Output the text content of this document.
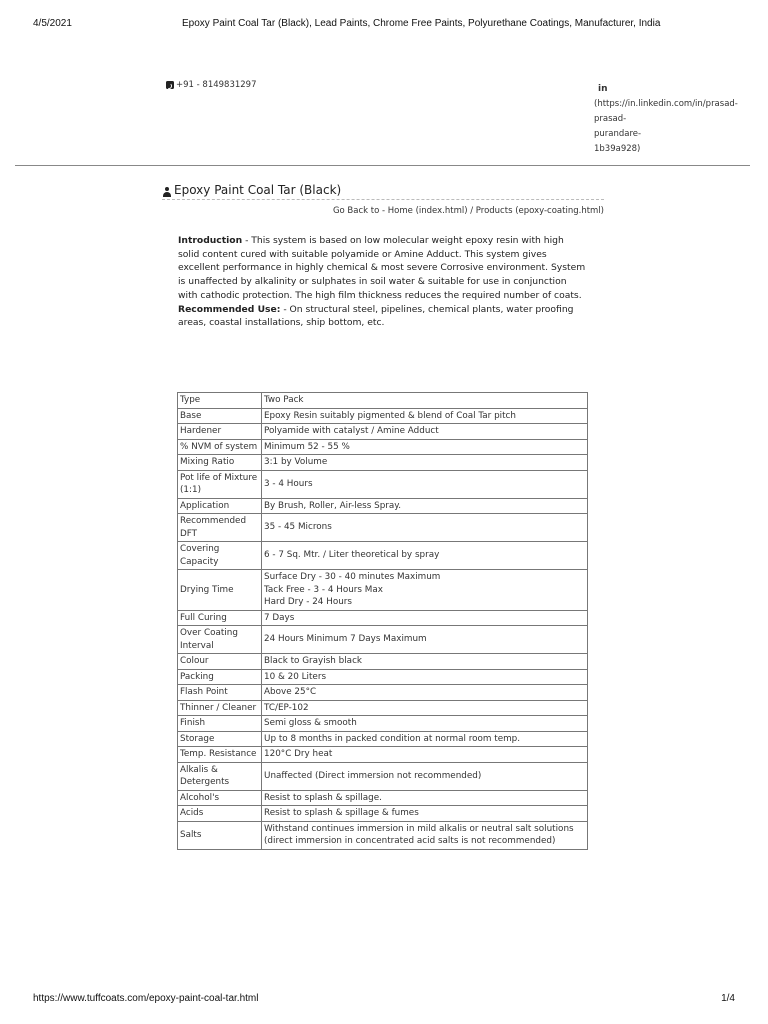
4/5/2021	Epoxy Paint Coal Tar (Black), Lead Paints, Chrome Free Paints, Polyurethane Coatings, Manufacturer, India
+91 - 8149831297	in
(https://in.linkedin.com/in/prasad-
prasad-
purandare-
1b39a928)
Epoxy Paint Coal Tar (Black)
Go Back to - Home (index.html) / Products (epoxy-coating.html)
Introduction - This system is based on low molecular weight epoxy resin with high solid content cured with suitable polyamide or Amine Adduct. This system gives excellent performance in highly chemical & most severe Corrosive environment. System is unaffected by alkalinity or sulphates in soil water & suitable for use in conjunction with cathodic protection. The high film thickness reduces the required number of coats.
Recommended Use: - On structural steel, pipelines, chemical plants, water proofing areas, coastal installations, ship bottom, etc.
Type	Two Pack

Base	Epoxy Resin suitably pigmented & blend of Coal Tar pitch

Hardener	Polyamide with catalyst / Amine Adduct

% NVM of system	Minimum 52 - 55 %

Mixing Ratio	3:1 by Volume

Pot life of Mixture (1:1)	3 - 4 Hours

Application	By Brush, Roller, Air-less Spray.

Recommended DFT	35 - 45 Microns

Covering Capacity	6 - 7 Sq. Mtr. / Liter theoretical by spray

Drying Time	Surface Dry - 30 - 40 minutes Maximum
Tack Free - 3 - 4 Hours Max
Hard Dry - 24 Hours

Full Curing	7 Days

Over Coating Interval	24 Hours Minimum 7 Days Maximum

Colour	Black to Grayish black

Packing	10 & 20 Liters

Flash Point	Above 25°C

Thinner / Cleaner	TC/EP-102

Finish	Semi gloss & smooth

Storage	Up to 8 months in packed condition at normal room temp.

Temp. Resistance	120°C Dry heat

Alkalis & Detergents	Unaffected (Direct immersion not recommended)

Alcohol's	Resist to splash & spillage.

Acids	Resist to splash & spillage & fumes

Salts	Withstand continues immersion in mild alkalis or neutral salt solutions (direct immersion in concentrated acid salts is not recommended)
https://www.tuffcoats.com/epoxy-paint-coal-tar.html	1/4
